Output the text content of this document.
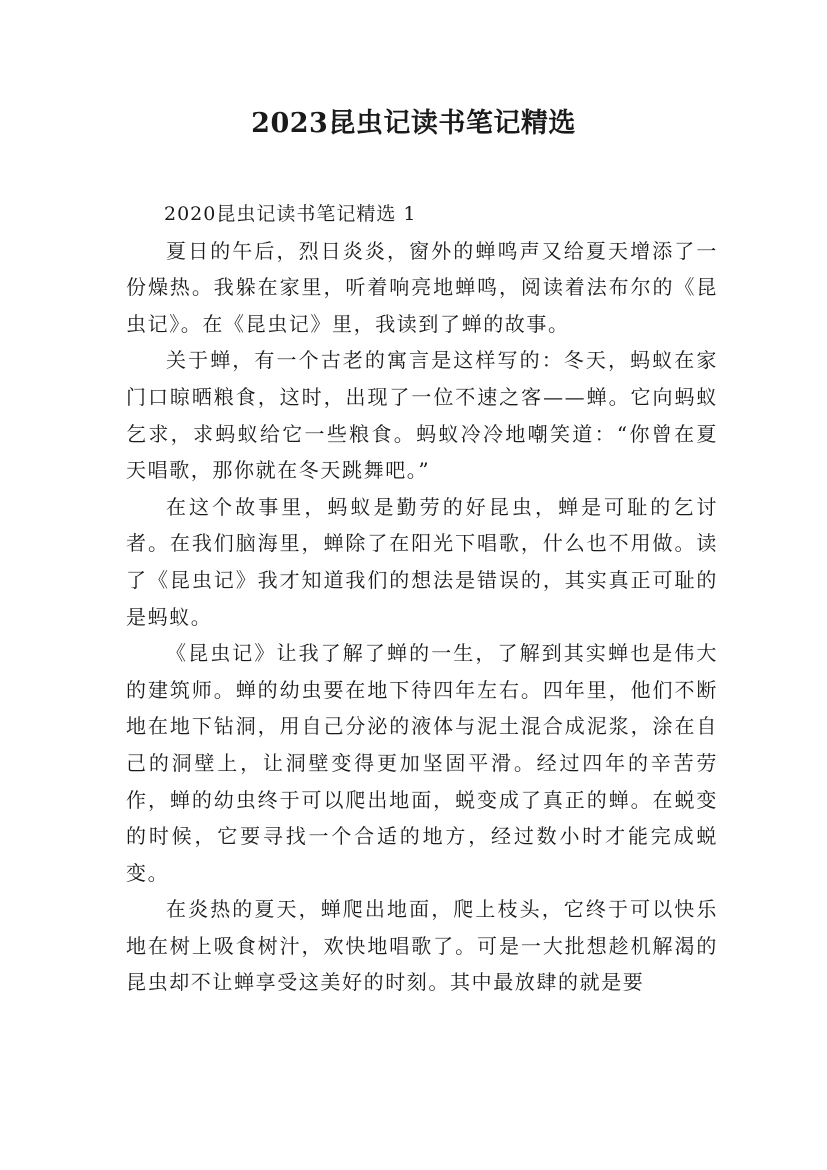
2023昆虫记读书笔记精选

2020昆虫记读书笔记精选 1

夏日的午后，烈日炎炎，窗外的蝉鸣声又给夏天增添了一份燥热。我躲在家里，听着响亮地蝉鸣，阅读着法布尔的《昆虫记》。在《昆虫记》里，我读到了蝉的故事。

关于蝉，有一个古老的寓言是这样写的：冬天，蚂蚁在家门口晾晒粮食，这时，出现了一位不速之客——蝉。它向蚂蚁乞求，求蚂蚁给它一些粮食。蚂蚁冷冷地嘲笑道：“你曾在夏天唱歌，那你就在冬天跳舞吧。”

在这个故事里，蚂蚁是勤劳的好昆虫，蝉是可耻的乞讨者。在我们脑海里，蝉除了在阳光下唱歌，什么也不用做。读了《昆虫记》我才知道我们的想法是错误的，其实真正可耻的是蚂蚁。

《昆虫记》让我了解了蝉的一生，了解到其实蝉也是伟大的建筑师。蝉的幼虫要在地下待四年左右。四年里，他们不断地在地下钻洞，用自己分泌的液体与泥土混合成泥浆，涂在自己的洞壁上，让洞壁变得更加坚固平滑。经过四年的辛苦劳作，蝉的幼虫终于可以爬出地面，蜕变成了真正的蝉。在蜕变的时候，它要寻找一个合适的地方，经过数小时才能完成蜕变。

在炎热的夏天，蝉爬出地面，爬上枝头，它终于可以快乐地在树上吸食树汁，欢快地唱歌了。可是一大批想趁机解渴的昆虫却不让蝉享受这美好的时刻。其中最放肆的就是要
